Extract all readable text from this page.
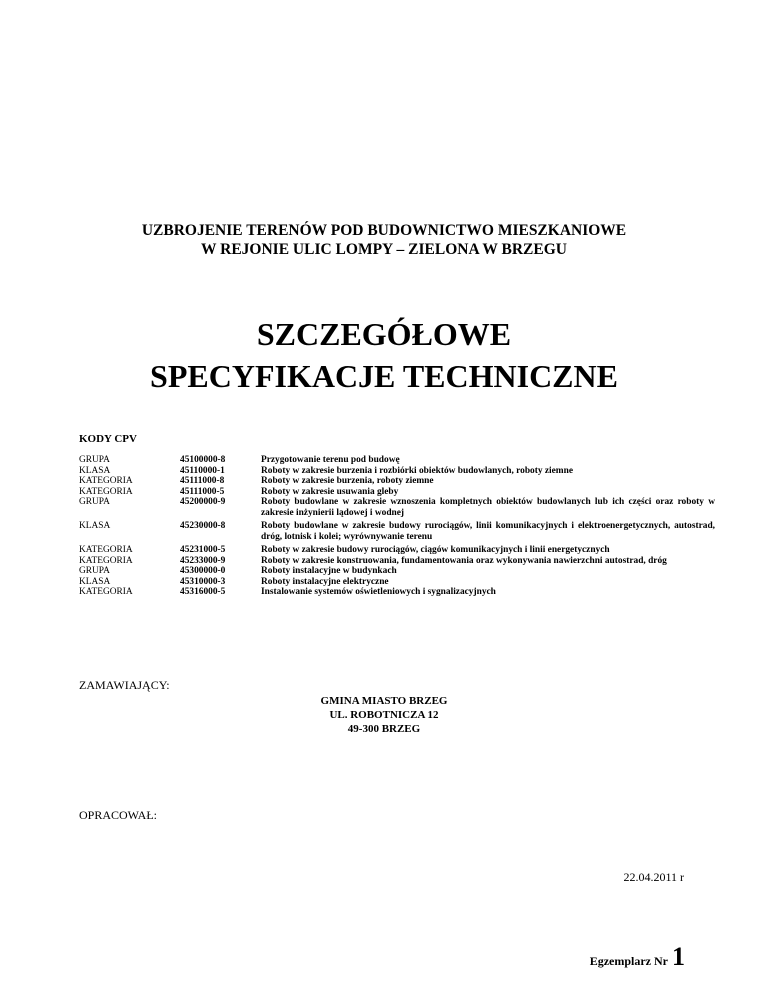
UZBROJENIE TERENÓW POD BUDOWNICTWO MIESZKANIOWE
W REJONIE ULIC LOMPY – ZIELONA W BRZEGU
SZCZEGÓŁOWE
SPECYFIKACJE TECHNICZNE
KODY CPV
GRUPA	45100000-8	Przygotowanie terenu pod budowę
KLASA	45110000-1	Roboty w zakresie burzenia i rozbiórki obiektów budowlanych, roboty ziemne
KATEGORIA	45111000-8	Roboty w zakresie burzenia, roboty ziemne
KATEGORIA	45111000-5	Roboty w zakresie usuwania gleby
GRUPA	45200000-9	Roboty budowlane w zakresie wznoszenia kompletnych obiektów budowlanych lub ich części oraz roboty w zakresie inżynierii lądowej i wodnej
KLASA	45230000-8	Roboty budowlane w zakresie budowy rurociągów, linii komunikacyjnych i elektroenergetycznych, autostrad, dróg, lotnisk i kolei; wyrównywanie terenu
KATEGORIA	45231000-5	Roboty w zakresie budowy rurociągów, ciągów komunikacyjnych i linii energetycznych
KATEGORIA	45233000-9	Roboty w zakresie konstruowania, fundamentowania oraz wykonywania nawierzchni autostrad, dróg
GRUPA	45300000-0	Roboty instalacyjne w budynkach
KLASA	45310000-3	Roboty instalacyjne elektryczne
KATEGORIA	45316000-5	Instalowanie systemów oświetleniowych i sygnalizacyjnych
ZAMAWIAJĄCY:
GMINA MIASTO BRZEG
UL. ROBOTNICZA 12
49-300 BRZEG
OPRACOWAŁ:
22.04.2011 r
Egzemplarz Nr 1
